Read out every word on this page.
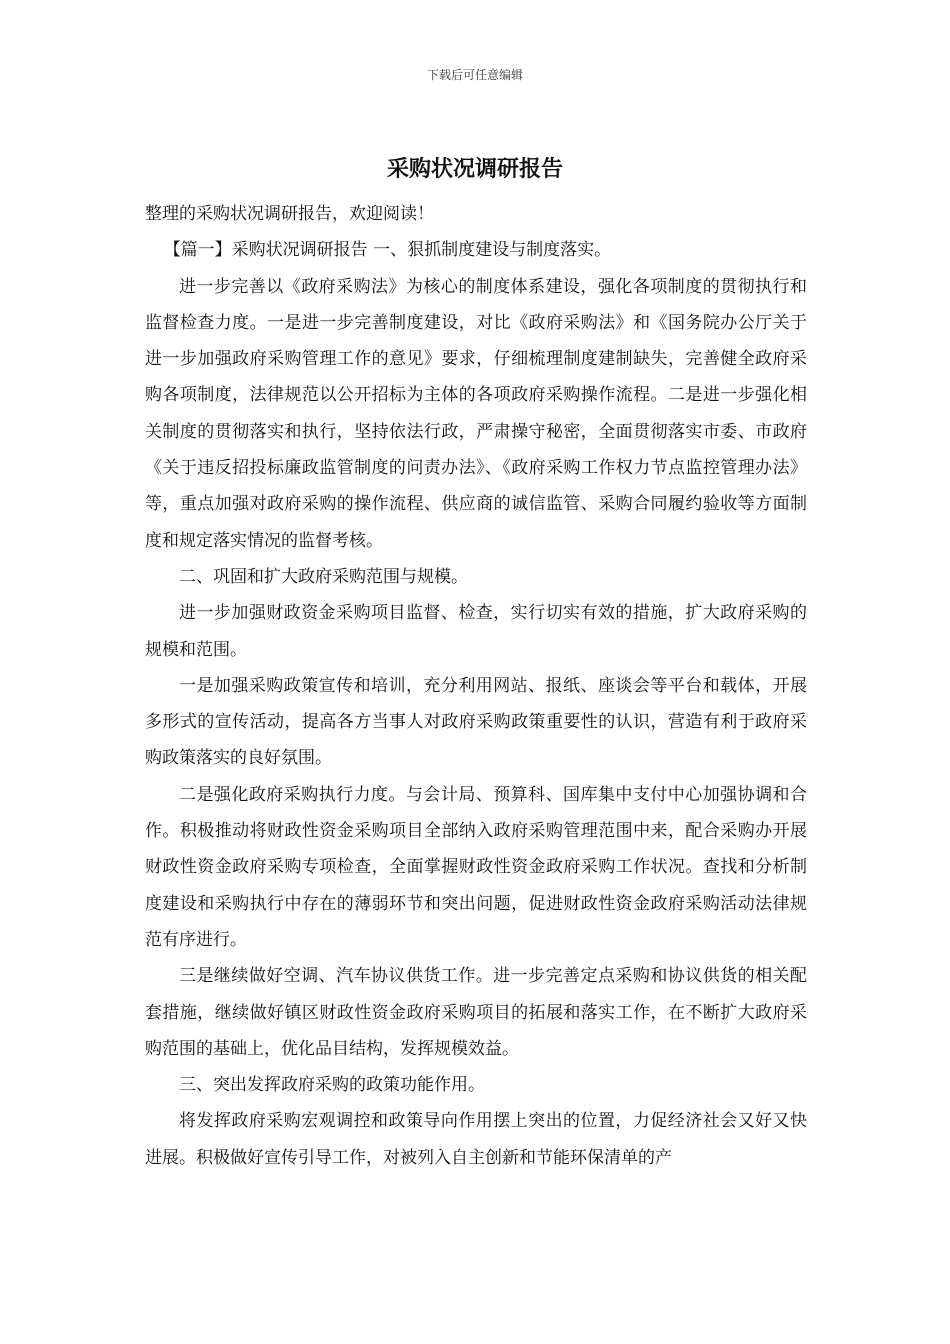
下载后可任意编辑
采购状况调研报告

整理的采购状况调研报告，欢迎阅读！

【篇一】采购状况调研报告 一、狠抓制度建设与制度落实。

进一步完善以《政府采购法》为核心的制度体系建设，强化各项制度的贯彻执行和监督检查力度。一是进一步完善制度建设，对比《政府采购法》和《国务院办公厅关于进一步加强政府采购管理工作的意见》要求，仔细梳理制度建制缺失，完善健全政府采购各项制度，法律规范以公开招标为主体的各项政府采购操作流程。二是进一步强化相关制度的贯彻落实和执行，坚持依法行政，严肃操守秘密，全面贯彻落实市委、市政府《关于违反招投标廉政监管制度的问责办法》、《政府采购工作权力节点监控管理办法》等，重点加强对政府采购的操作流程、供应商的诚信监管、采购合同履约验收等方面制度和规定落实情况的监督考核。

二、巩固和扩大政府采购范围与规模。

进一步加强财政资金采购项目监督、检查，实行切实有效的措施，扩大政府采购的规模和范围。

一是加强采购政策宣传和培训，充分利用网站、报纸、座谈会等平台和载体，开展多形式的宣传活动，提高各方当事人对政府采购政策重要性的认识，营造有利于政府采购政策落实的良好氛围。

二是强化政府采购执行力度。与会计局、预算科、国库集中支付中心加强协调和合作。积极推动将财政性资金采购项目全部纳入政府采购管理范围中来，配合采购办开展财政性资金政府采购专项检查，全面掌握财政性资金政府采购工作状况。查找和分析制度建设和采购执行中存在的薄弱环节和突出问题，促进财政性资金政府采购活动法律规范有序进行。

三是继续做好空调、汽车协议供货工作。进一步完善定点采购和协议供货的相关配套措施，继续做好镇区财政性资金政府采购项目的拓展和落实工作，在不断扩大政府采购范围的基础上，优化品目结构，发挥规模效益。

三、突出发挥政府采购的政策功能作用。

将发挥政府采购宏观调控和政策导向作用摆上突出的位置，力促经济社会又好又快进展。积极做好宣传引导工作，对被列入自主创新和节能环保清单的产
